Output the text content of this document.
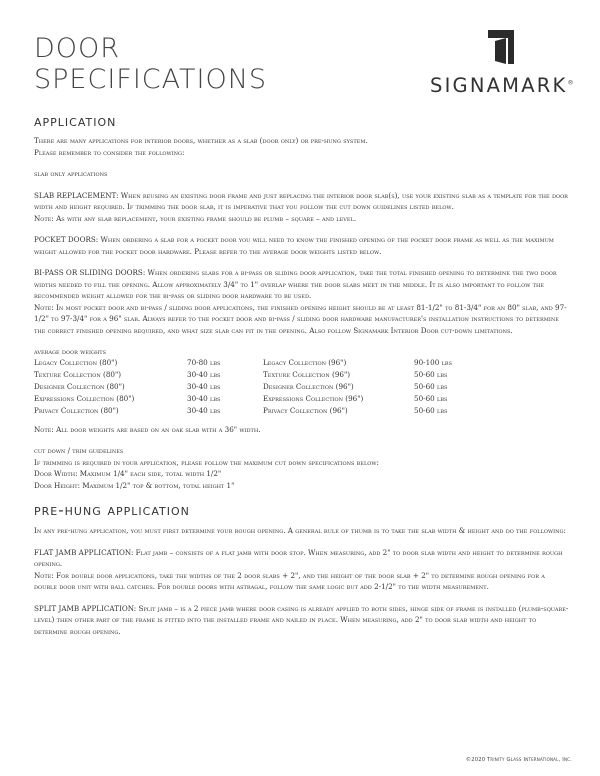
DOOR
SPECIFICATIONS	SIGNAMARK®
application

There are many applications for interior doors, whether as a slab (door only) or pre-hung system.

Please remember to consider the following:

slab only applications

SLAB REPLACEMENT: When reusing an existing door frame and just replacing the interior door slab(s), use your existing slab as a template for the door width and height required. If trimming the door slab, it is imperative that you follow the cut down guidelines listed below.

Note: As with any slab replacement, your existing frame should be plumb – square – and level.

POCKET DOORS: When ordering a slab for a pocket door you will need to know the finished opening of the pocket door frame as well as the maximum weight allowed for the pocket door hardware. Please refer to the average door weights listed below.

BI-PASS OR SLIDING DOORS: When ordering slabs for a bi-pass or sliding door application, take the total finished opening to determine the two door widths needed to fill the opening. Allow approximately 3/4" to 1" overlap where the door slabs meet in the middle. It is also important to follow the recommended weight allowed for the bi-pass or sliding door hardware to be used.

Note: In most pocket door and bi-pass / sliding door applications, the finished opening height should be at least 81-1/2" to 81-3/4" for an 80" slab, and 97-1/2" to 97-3/4" for a 96" slab. Always refer to the pocket door and bi-pass / sliding door hardware manufacturer's installation instructions to determine the correct finished opening required, and what size slab can fit in the opening. Also follow Signamark Interior Door cut-down limitations.

average door weights

Legacy Collection (80")	70-80 lbs	Legacy Collection (96")	90-100 lbs
Texture Collection (80")	30-40 lbs	Texture Collection (96")	50-60 lbs
Designer Collection (80")	30-40 lbs	Designer Collection (96")	50-60 lbs
Expressions Collection (80")	30-40 lbs	Expressions Collection (96")	50-60 lbs
Privacy Collection (80")	30-40 lbs	Privacy Collection (96")	50-60 lbs

Note: All door weights are based on an oak slab with a 36" width.

cut down / trim guidelines

If trimming is required in your application, please follow the maximum cut down specifications below:

Door Width: Maximum 1/4" each side, total width 1/2"

Door Height: Maximum 1/2" top & bottom, total height 1"

pre-hung application

In any pre-hung application, you must first determine your rough opening. A general rule of thumb is to take the slab width & height and do the following:

FLAT JAMB APPLICATION: Flat jamb – consists of a flat jamb with door stop. When measuring, add 2" to door slab width and height to determine rough opening.

Note: For double door applications, take the widths of the 2 door slabs + 2", and the height of the door slab + 2" to determine rough opening for a double door unit with ball catches. For double doors with astragal, follow the same logic but add 2-1/2" to the width measurement.

SPLIT JAMB APPLICATION: Split jamb – is a 2 piece jamb where door casing is already applied to both sides, hinge side of frame is installed (plumb-square-level) then other part of the frame is fitted into the installed frame and nailed in place. When measuring, add 2" to door slab width and height to determine rough opening.

©2020 Trinity Glass International, Inc.
